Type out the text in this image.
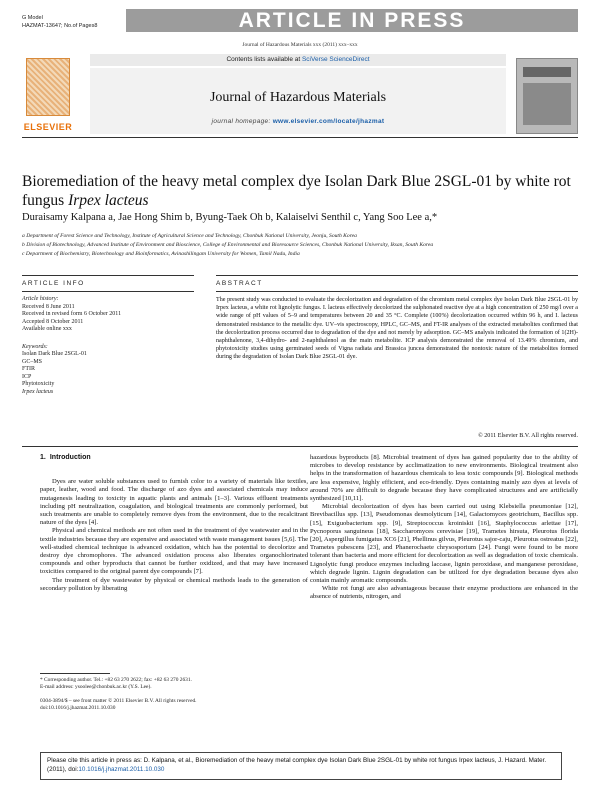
G Model
HAZMAT-13647; No.of Pages8	ARTICLE IN PRESS
Journal of Hazardous Materials xxx (2011) xxx–xxx
ELSEVIER
Contents lists available at SciVerse ScienceDirect
Journal of Hazardous Materials
journal homepage: www.elsevier.com/locate/jhazmat
Bioremediation of the heavy metal complex dye Isolan Dark Blue 2SGL-01 by white rot fungus Irpex lacteus
Duraisamy Kalpana a, Jae Hong Shim b, Byung-Taek Oh b, Kalaiselvi Senthil c, Yang Soo Lee a,*
a Department of Forest Science and Technology, Institute of Agricultural Science and Technology, Chonbuk National University, Jeonju, South Korea
b Division of Biotechnology, Advanced Institute of Environment and Bioscience, College of Environmental and Bioresource Sciences, Chonbuk National University, Iksan, South Korea
c Department of Biochemistry, Biotechnology and Bioinformatics, Avinashilingam University for Women, Tamil Nadu, India
ARTICLE INFO	ABSTRACT
Article history:
Received 8 June 2011
Received in revised form 6 October 2011
Accepted 8 October 2011
Available online xxx
Keywords:
Isolan Dark Blue 2SGL-01
GC–MS
FTIR
ICP
Phytotoxicity
Irpex lacteus
The present study was conducted to evaluate the decolorization and degradation of the chromium metal complex dye Isolan Dark Blue 2SGL-01 by Irpex lacteus, a white rot lignolytic fungus. I. lacteus effectively decolorized the sulphonated reactive dye at a high concentration of 250 mg/l over a wide range of pH values of 5–9 and temperatures between 20 and 35 °C. Complete (100%) decolorization occurred within 96 h, and I. lacteus demonstrated resistance to the metallic dye. UV–vis spectroscopy, HPLC, GC–MS, and FT-IR analyses of the extracted metabolites confirmed that the decolorization process occurred due to degradation of the dye and not merely by adsorption. GC–MS analysis indicated the formation of 1(2H)-naphthalenone, 3,4-dihydro- and 2-naphthalenol as the main metabolite. ICP analysis demonstrated the removal of 13.49% chromium, and phytotoxicity studies using germinated seeds of Vigna radiata and Brassica juncea demonstrated the nontoxic nature of the metabolites formed during the degradation of Isolan Dark Blue 2SGL-01 dye.
© 2011 Elsevier B.V. All rights reserved.
1. Introduction

Dyes are water soluble substances used to furnish color to a variety of materials like textiles, paper, leather, wood and food. The discharge of azo dyes and associated chemicals may induce mutagenesis leading to toxicity in aquatic plants and animals [1–3]. Various effluent treatments including pH neutralization, coagulation, and biological treatments are commonly performed, but such treatments are unable to completely remove dyes from the environment, due to the recalcitrant nature of the dyes [4].

Physical and chemical methods are not often used in the treatment of dye wastewater and in the textile industries because they are expensive and associated with waste management issues [5,6]. The well-studied chemical technique is advanced oxidation, which has the potential to decolorize and destroy dye chromophores. The advanced oxidation process also liberates organochlorinated compounds and other byproducts that cannot be further oxidized, and that may have increased toxicities compared to the original parent dye compounds [7].

The treatment of dye wastewater by physical or chemical methods leads to the generation of secondary pollution by liberating

hazardous byproducts [8]. Microbial treatment of dyes has gained popularity due to the ability of microbes to develop resistance by acclimatization to new environments. Biological treatment also helps in the transformation of hazardous chemicals to less toxic compounds [9]. Biological methods are less expensive, highly efficient, and eco-friendly. Dyes containing mainly azo dyes at levels of around 70% are difficult to degrade because they have complicated structures and are artificially synthesized [10,11].

Microbial decolorization of dyes has been carried out using Klebsiella pneumoniae [12], Brevibacillus spp. [13], Pseudomonas desmolyticum [14], Galactomyces geotrichum, Bacillus spp. [15], Exiguobacterium spp. [9], Streptococcus kroiniskii [16], Staphylococcus arlettae [17], Pycnoporus sanguineus [18], Saccharomyces cerevisiae [19], Trametes hirsuta, Pleurotus florida [20], Aspergillus fumigatus XC6 [21], Phellinus gilvus, Pleurotus sajor-caju, Pleurotus ostreatus [22], Trametes pubescens [23], and Phanerochaete chrysosporium [24]. Fungi were found to be more tolerant than bacteria and more efficient for decolorization as well as degradation of toxic chemicals. Lignolytic fungi produce enzymes including laccase, lignin peroxidase, and manganese peroxidase, which degrade lignin. Lignin degradation can be utilized for dye degradation because dyes also contain mainly aromatic compounds.

White rot fungi are also advantageous because their enzyme productions are enhanced in the absence of nutrients, nitrogen, and

* Corresponding author. Tel.: +82 63 270 2622; fax: +82 63 270 2631.
E-mail address: ysoolee@chonbuk.ac.kr (Y.S. Lee).
0304-3894/$ – see front matter © 2011 Elsevier B.V. All rights reserved.
doi:10.1016/j.jhazmat.2011.10.030
Please cite this article in press as: D. Kalpana, et al., Bioremediation of the heavy metal complex dye Isolan Dark Blue 2SGL-01 by white rot fungus Irpex lacteus, J. Hazard. Mater. (2011), doi:10.1016/j.jhazmat.2011.10.030
